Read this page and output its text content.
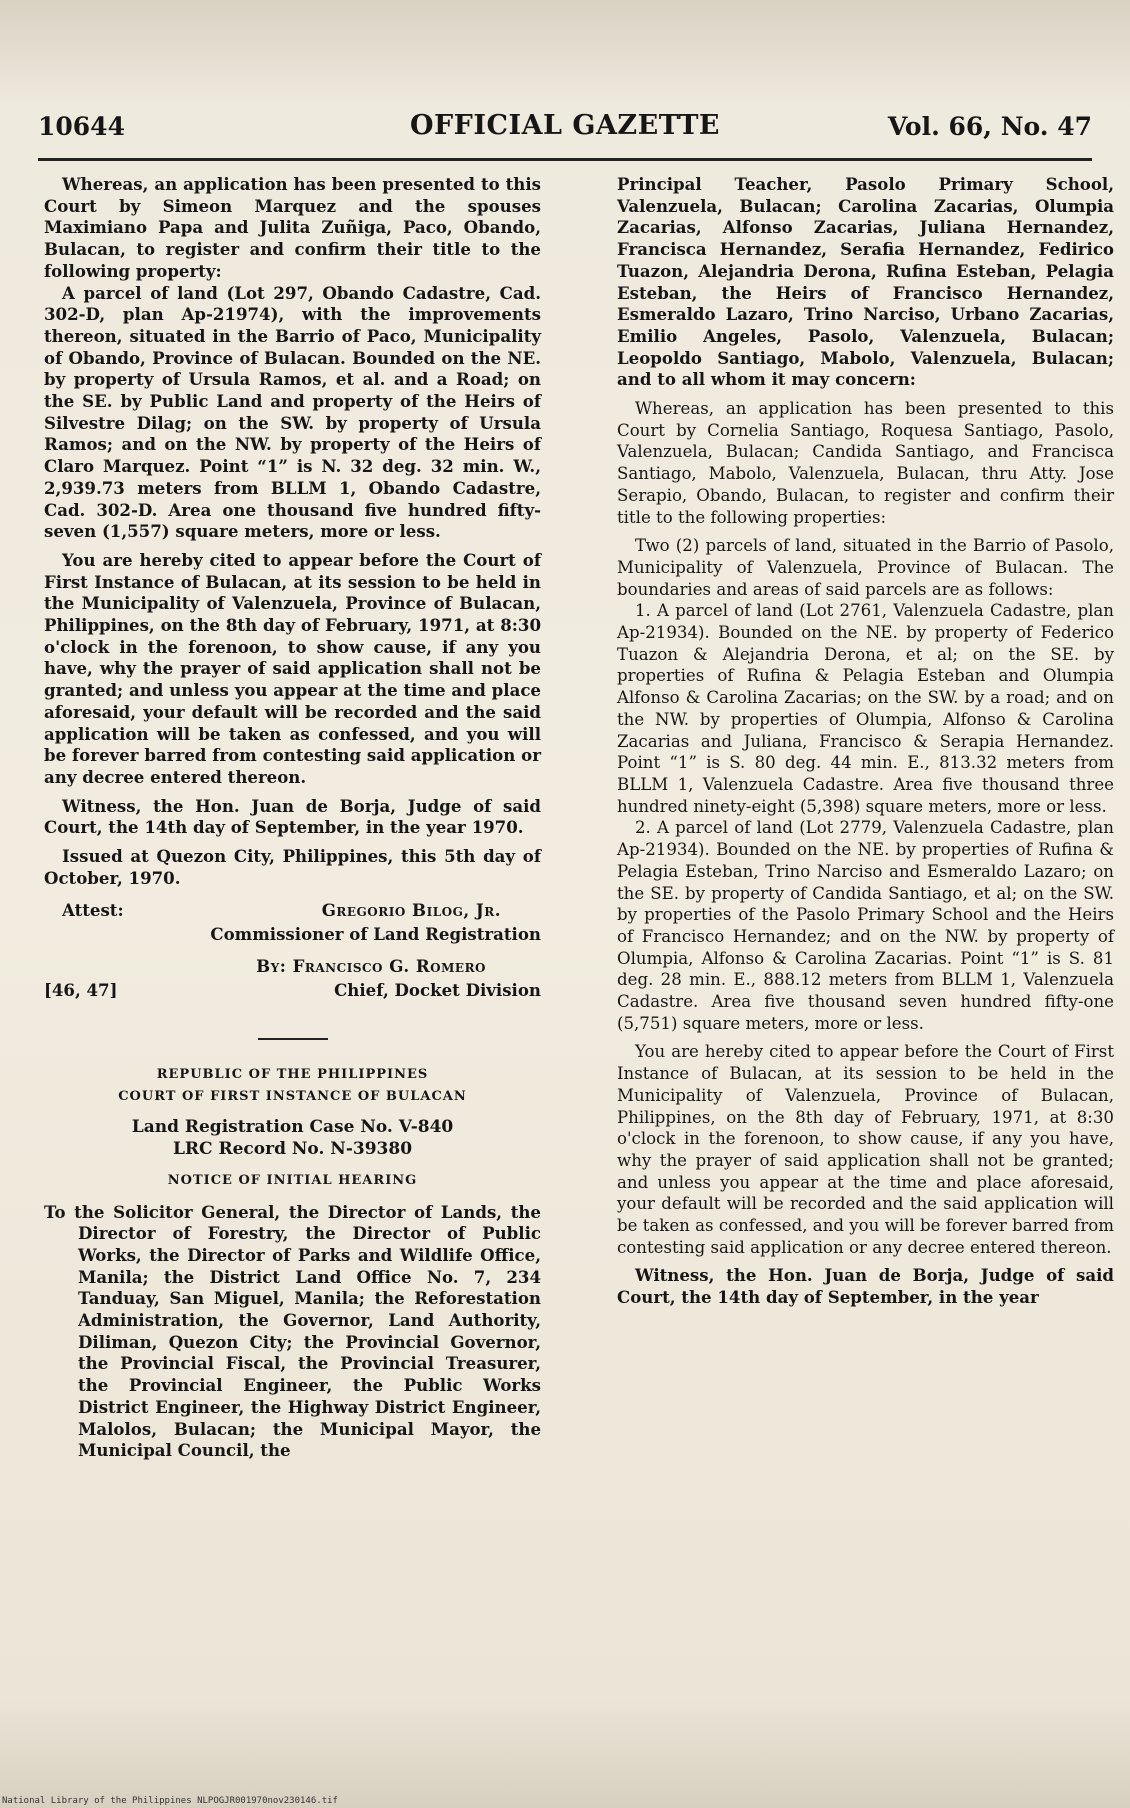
10644	OFFICIAL GAZETTE	Vol. 66, No. 47

Whereas, an application has been presented to this Court by Simeon Marquez and the spouses Maximiano Papa and Julita Zuñiga, Paco, Obando, Bulacan, to register and confirm their title to the following property:

A parcel of land (Lot 297, Obando Cadastre, Cad. 302-D, plan Ap-21974), with the improvements thereon, situated in the Barrio of Paco, Municipality of Obando, Province of Bulacan. Bounded on the NE. by property of Ursula Ramos, et al. and a Road; on the SE. by Public Land and property of the Heirs of Silvestre Dilag; on the SW. by property of Ursula Ramos; and on the NW. by property of the Heirs of Claro Marquez. Point “1” is N. 32 deg. 32 min. W., 2,939.73 meters from BLLM 1, Obando Cadastre, Cad. 302-D. Area one thousand five hundred fifty-seven (1,557) square meters, more or less.

You are hereby cited to appear before the Court of First Instance of Bulacan, at its session to be held in the Municipality of Valenzuela, Province of Bulacan, Philippines, on the 8th day of February, 1971, at 8:30 o'clock in the forenoon, to show cause, if any you have, why the prayer of said application shall not be granted; and unless you appear at the time and place aforesaid, your default will be recorded and the said application will be taken as confessed, and you will be forever barred from contesting said application or any decree entered thereon.

Witness, the Hon. Juan de Borja, Judge of said Court, the 14th day of September, in the year 1970.

Issued at Quezon City, Philippines, this 5th day of October, 1970.

Attest:	Gregorio Bilog, Jr.
Commissioner of Land Registration
By: Francisco G. Romero
[46, 47]	Chief, Docket Division
REPUBLIC OF THE PHILIPPINES
COURT OF FIRST INSTANCE OF BULACAN
Land Registration Case No. V-840
LRC Record No. N-39380
NOTICE OF INITIAL HEARING

To the Solicitor General, the Director of Lands, the Director of Forestry, the Director of Public Works, the Director of Parks and Wildlife Office, Manila; the District Land Office No. 7, 234 Tanduay, San Miguel, Manila; the Reforestation Administration, the Governor, Land Authority, Diliman, Quezon City; the Provincial Governor, the Provincial Fiscal, the Provincial Treasurer, the Provincial Engineer, the Public Works District Engineer, the Highway District Engineer, Malolos, Bulacan; the Municipal Mayor, the Municipal Council, the

Principal Teacher, Pasolo Primary School, Valenzuela, Bulacan; Carolina Zacarias, Olumpia Zacarias, Alfonso Zacarias, Juliana Hernandez, Francisca Hernandez, Serafia Hernandez, Fedirico Tuazon, Alejandria Derona, Rufina Esteban, Pelagia Esteban, the Heirs of Francisco Hernandez, Esmeraldo Lazaro, Trino Narciso, Urbano Zacarias, Emilio Angeles, Pasolo, Valenzuela, Bulacan; Leopoldo Santiago, Mabolo, Valenzuela, Bulacan; and to all whom it may concern:

Whereas, an application has been presented to this Court by Cornelia Santiago, Roquesa Santiago, Pasolo, Valenzuela, Bulacan; Candida Santiago, and Francisca Santiago, Mabolo, Valenzuela, Bulacan, thru Atty. Jose Serapio, Obando, Bulacan, to register and confirm their title to the following properties:

Two (2) parcels of land, situated in the Barrio of Pasolo, Municipality of Valenzuela, Province of Bulacan. The boundaries and areas of said parcels are as follows:

1. A parcel of land (Lot 2761, Valenzuela Cadastre, plan Ap-21934). Bounded on the NE. by property of Federico Tuazon & Alejandria Derona, et al; on the SE. by properties of Rufina & Pelagia Esteban and Olumpia Alfonso & Carolina Zacarias; on the SW. by a road; and on the NW. by properties of Olumpia, Alfonso & Carolina Zacarias and Juliana, Francisco & Serapia Hernandez. Point “1” is S. 80 deg. 44 min. E., 813.32 meters from BLLM 1, Valenzuela Cadastre. Area five thousand three hundred ninety-eight (5,398) square meters, more or less.

2. A parcel of land (Lot 2779, Valenzuela Cadastre, plan Ap-21934). Bounded on the NE. by properties of Rufina & Pelagia Esteban, Trino Narciso and Esmeraldo Lazaro; on the SE. by property of Candida Santiago, et al; on the SW. by properties of the Pasolo Primary School and the Heirs of Francisco Hernandez; and on the NW. by property of Olumpia, Alfonso & Carolina Zacarias. Point “1” is S. 81 deg. 28 min. E., 888.12 meters from BLLM 1, Valenzuela Cadastre. Area five thousand seven hundred fifty-one (5,751) square meters, more or less.

You are hereby cited to appear before the Court of First Instance of Bulacan, at its session to be held in the Municipality of Valenzuela, Province of Bulacan, Philippines, on the 8th day of February, 1971, at 8:30 o'clock in the forenoon, to show cause, if any you have, why the prayer of said application shall not be granted; and unless you appear at the time and place aforesaid, your default will be recorded and the said application will be taken as confessed, and you will be forever barred from contesting said application or any decree entered thereon.

Witness, the Hon. Juan de Borja, Judge of said Court, the 14th day of September, in the year

National Library of the Philippines NLPOGJR001970nov230146.tif
